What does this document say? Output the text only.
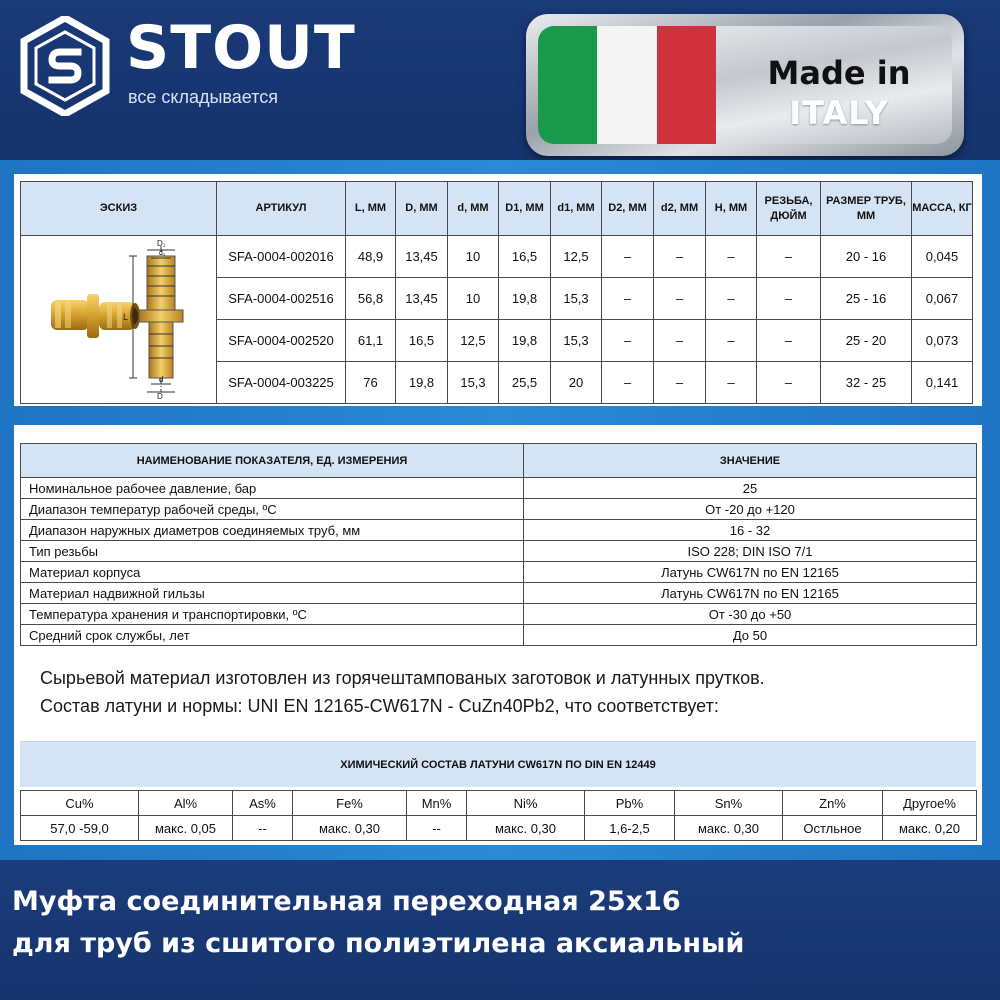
STOUT
все складывается
Made in
ITALY
ЭСКИЗ	АРТИКУЛ	L, ММ	D, ММ	d, ММ	D1, ММ	d1, ММ	D2, ММ	d2, ММ	H, ММ	РЕЗЬБА, ДЮЙМ	РАЗМЕР ТРУБ, ММ	МАССА, КГ

D₁
d₁
L
d
D	SFA-0004-002016	48,9	13,45	10	16,5	12,5	–	–	–	–	20 - 16	0,045
	SFA-0004-002516	56,8	13,45	10	19,8	15,3	–	–	–	–	25 - 16	0,067
	SFA-0004-002520	61,1	16,5	12,5	19,8	15,3	–	–	–	–	25 - 20	0,073
	SFA-0004-003225	76	19,8	15,3	25,5	20	–	–	–	–	32 - 25	0,141
НАИМЕНОВАНИЕ ПОКАЗАТЕЛЯ, ЕД. ИЗМЕРЕНИЯ	ЗНАЧЕНИЕ
Номинальное рабочее давление, бар	25
Диапазон температур рабочей среды, ºС	От -20 до +120
Диапазон наружных диаметров соединяемых труб, мм	16 - 32
Тип резьбы	ISO 228; DIN ISO 7/1
Материал корпуса	Латунь CW617N по EN 12165
Материал надвижной гильзы	Латунь CW617N по EN 12165
Температура хранения и транспортировки, ºС	От -30 до +50
Средний срок службы, лет	До 50
Сырьевой материал изготовлен из горячештампованых заготовок и латунных прутков.
Состав латуни и нормы: UNI EN 12165-CW617N - CuZn40Pb2, что соответствует:
ХИМИЧЕСКИЙ СОСТАВ ЛАТУНИ CW617N ПО DIN EN 12449
Cu%	Al%	As%	Fe%	Mn%	Ni%	Pb%	Sn%	Zn%	Другое%
57,0 -59,0	макс. 0,05	--	макс. 0,30	--	макс. 0,30	1,6-2,5	макс. 0,30	Остльное	макс. 0,20
Муфта соединительная переходная 25x16
для труб из сшитого полиэтилена аксиальный
